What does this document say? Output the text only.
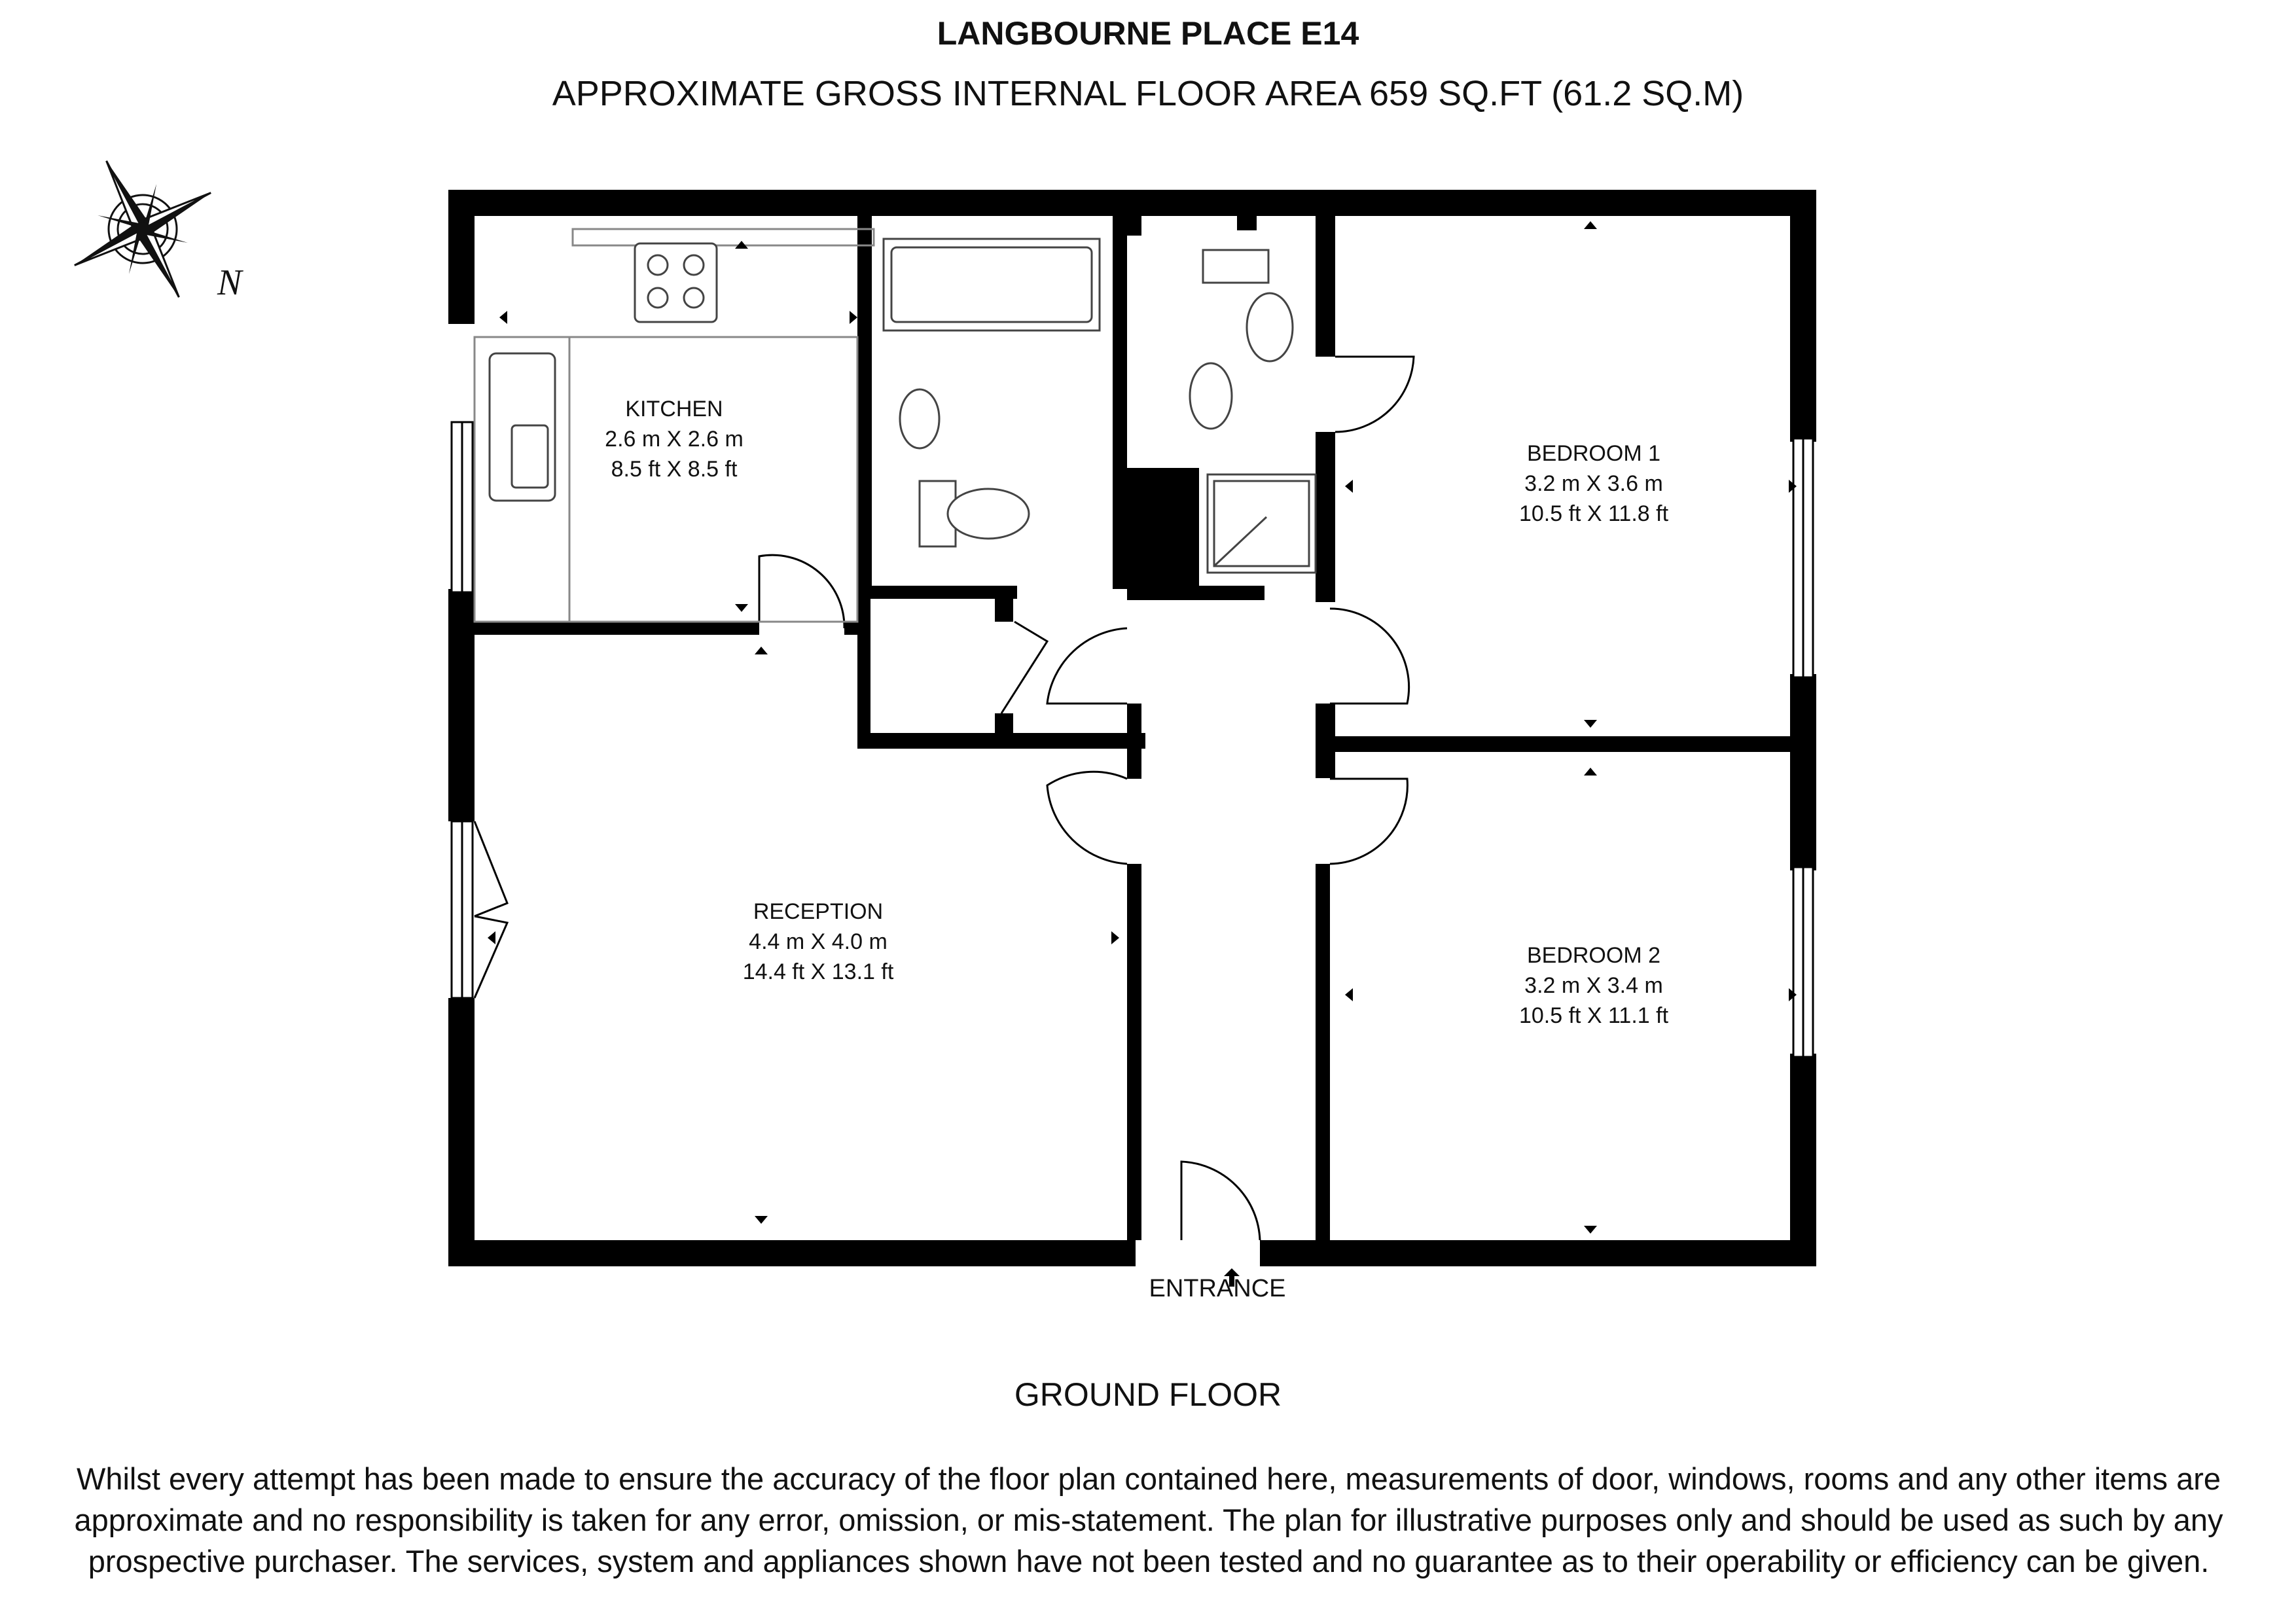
LANGBOURNE PLACE E14
APPROXIMATE GROSS INTERNAL FLOOR AREA 659 SQ.FT (61.2 SQ.M)
N
KITCHEN
2.6 m X 2.6 m
8.5 ft X 8.5 ft
BEDROOM 1
3.2 m X 3.6 m
10.5 ft X 11.8 ft
RECEPTION
4.4 m X 4.0 m
14.4 ft X 13.1 ft
BEDROOM 2
3.2 m X 3.4 m
10.5 ft X 11.1 ft
ENTRANCE
GROUND FLOOR
Whilst every attempt has been made to ensure the accuracy of the floor plan contained here, measurements of door, windows, rooms and any other items are approximate and no responsibility is taken for any error, omission, or mis-statement. The plan for illustrative purposes only and should be used as such by any prospective purchaser. The services, system and appliances shown have not been tested and no guarantee as to their operability or efficiency can be given.
